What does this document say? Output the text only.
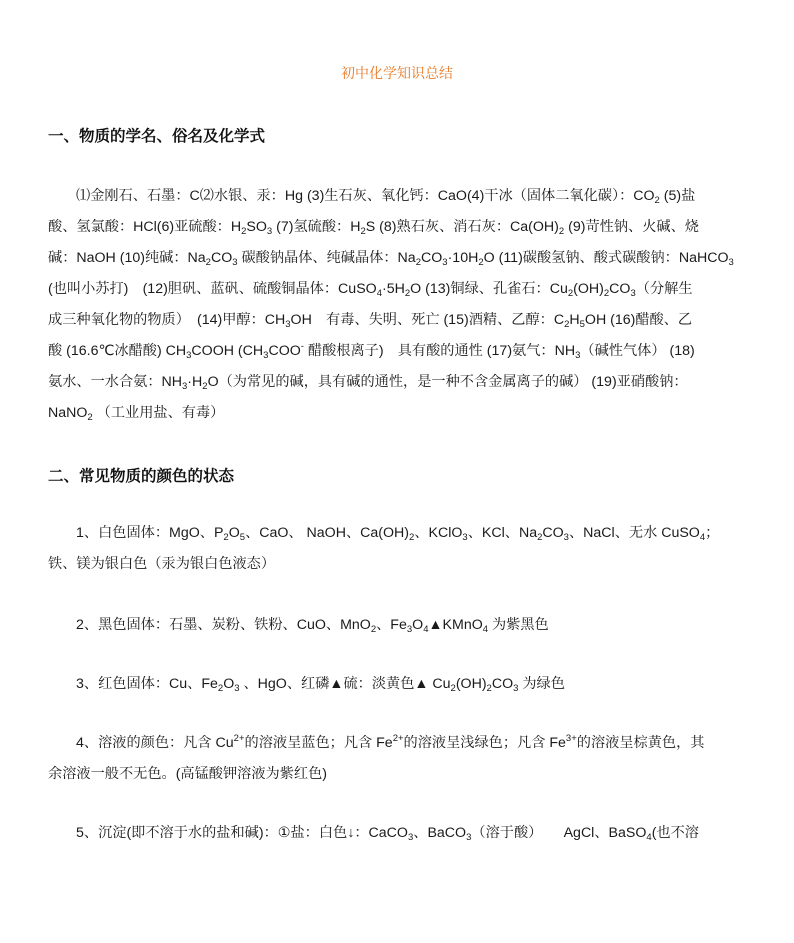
初中化学知识总结
一、物质的学名、俗名及化学式
⑴金刚石、石墨：C⑵水银、汞：Hg (3)生石灰、氧化钙：CaO(4)干冰（固体二氧化碳）：$CO_2$ (5)盐
酸、氢氯酸：HCl(6)亚硫酸：$H_2SO_3$ (7)氢硫酸：$H_2S$ (8)熟石灰、消石灰：$Ca(OH)_2$ (9)苛性钠、火碱、烧
碱：NaOH (10)纯碱：$Na_2CO_3$ 碳酸钠晶体、纯碱晶体：$Na_2CO_3\cdot 10H_2O$ (11)碳酸氢钠、酸式碳酸钠：NaHCO$_3$
(也叫小苏打)　(12)胆矾、蓝矾、硫酸铜晶体：$CuSO_4\cdot 5H_2O$ (13)铜绿、孔雀石：$Cu_2(OH)_2CO_3$（分解生
成三种氧化物的物质）　(14)甲醇：$CH_3OH$　有毒、失明、死亡 (15)酒精、乙醇：$C_2H_5OH$ (16)醋酸、乙
酸 (16.6℃冰醋酸) $CH_3COOH$ ($CH_3COO^-$ 醋酸根离子)　具有酸的通性 (17)氨气：$NH_3$（碱性气体） (18)
氨水、一水合氨：$NH_3\cdot H_2O$（为常见的碱，具有碱的通性，是一种不含金属离子的碱） (19)亚硝酸钠：
NaNO$_2$ （工业用盐、有毒）
二、常见物质的颜色的状态
1、白色固体：MgO、$P_2O_5$、CaO、 NaOH、$Ca(OH)_2$、KClO$_3$、KCl、$Na_2CO_3$、NaCl、无水 CuSO$_4$；
铁、镁为银白色（汞为银白色液态）
2、黑色固体：石墨、炭粉、铁粉、CuO、MnO$_2$、$Fe_3O_4▲KMnO_4$ 为紫黑色
3、红色固体：Cu、$Fe_2O_3$ 、HgO、红磷▲硫：淡黄色▲ $Cu_2(OH)_2CO_3$ 为绿色
4、溶液的颜色：凡含 $Cu^{2+}$的溶液呈蓝色；凡含 $Fe^{2+}$的溶液呈浅绿色；凡含 $Fe^{3+}$的溶液呈棕黄色，其
余溶液一般不无色。(高锰酸钾溶液为紫红色)
5、沉淀(即不溶于水的盐和碱)：①盐：白色↓：CaCO$_3$、BaCO$_3$（溶于酸）　　AgCl、BaSO$_4$(也不溶
